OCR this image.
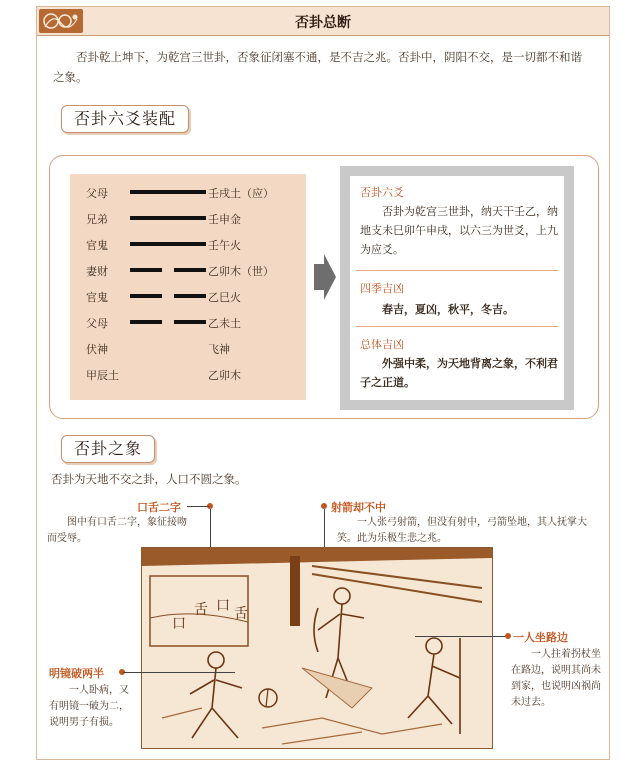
否卦总断
否卦乾上坤下，为乾宫三世卦，否象征闭塞不通，是不吉之兆。否卦中，阴阳不交，是一切都不和谐之象。
否卦六爻装配
父母	壬戌土（应）
兄弟	壬申金
官鬼	壬午火
妻财	乙卯木（世）
官鬼	乙巳火
父母	乙未土
伏神	飞神
甲辰土	乙卯木
否卦六爻
否卦为乾宫三世卦，纳天干壬乙，纳地支未巳卯午申戌，以六三为世爻，上九为应爻。
四季吉凶
春吉，夏凶，秋平，冬吉。
总体吉凶
外强中柔，为天地背离之象，不利君子之正道。
否卦之象
否卦为天地不交之卦，人口不圆之象。
口舌二字
图中有口舌二字，象征接吻而受辱。
射箭却不中
一人张弓射箭，但没有射中，弓箭坠地，其人抚掌大笑。此为乐极生悲之兆。
口
舌 口 舌
一人坐路边
一人拄着拐杖坐在路边，说明其尚未到家，也说明凶祸尚未过去。
明镜破两半
一人卧病，又有明镜一破为二，说明男子有损。
